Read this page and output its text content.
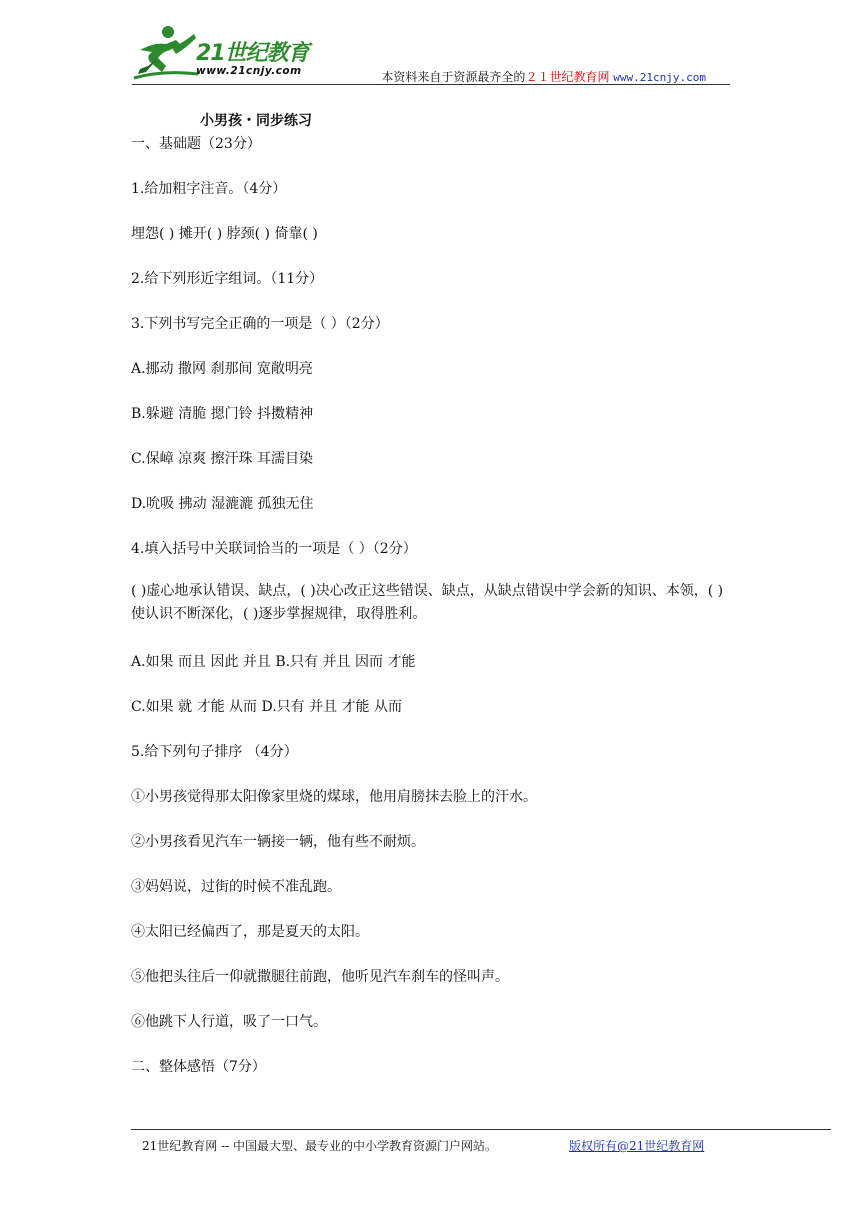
21世纪教育
www.21cnjy.com	本资料来自于资源最齐全的２１世纪教育网 www.21cnjy.com
小男孩・同步练习
一、基础题（23分）
1.给加粗字注音。（4分）
埋怨( ) 摊开( ) 脖颈( ) 倚靠( )
2.给下列形近字组词。（11分）
3.下列书写完全正确的一项是（ ）（2分）
A.挪动 撒网 刹那间 宽敞明亮
B.躲避 清脆 摁门铃 抖擞精神
C.保嶂 凉爽 擦汗珠 耳濡目染
D.吮吸 拂动 湿漉漉 孤独无住
4.填入括号中关联词恰当的一项是（ ）（2分）
( )虚心地承认错误、缺点，( )决心改正这些错误、缺点，从缺点错误中学会新的知识、本领，( )使认识不断深化，( )逐步掌握规律，取得胜利。
A.如果 而且 因此 并且 B.只有 并且 因而 才能
C.如果 就 才能 从而 D.只有 并且 才能 从而
5.给下列句子排序 （4分）
①小男孩觉得那太阳像家里烧的煤球，他用肩膀抹去脸上的汗水。
②小男孩看见汽车一辆接一辆，他有些不耐烦。
③妈妈说，过街的时候不准乱跑。
④太阳已经偏西了，那是夏天的太阳。
⑤他把头往后一仰就撒腿往前跑，他听见汽车刹车的怪叫声。
⑥他跳下人行道，吸了一口气。
二、整体感悟（7分）
21世纪教育网 -- 中国最大型、最专业的中小学教育资源门户网站。	版权所有@21世纪教育网
